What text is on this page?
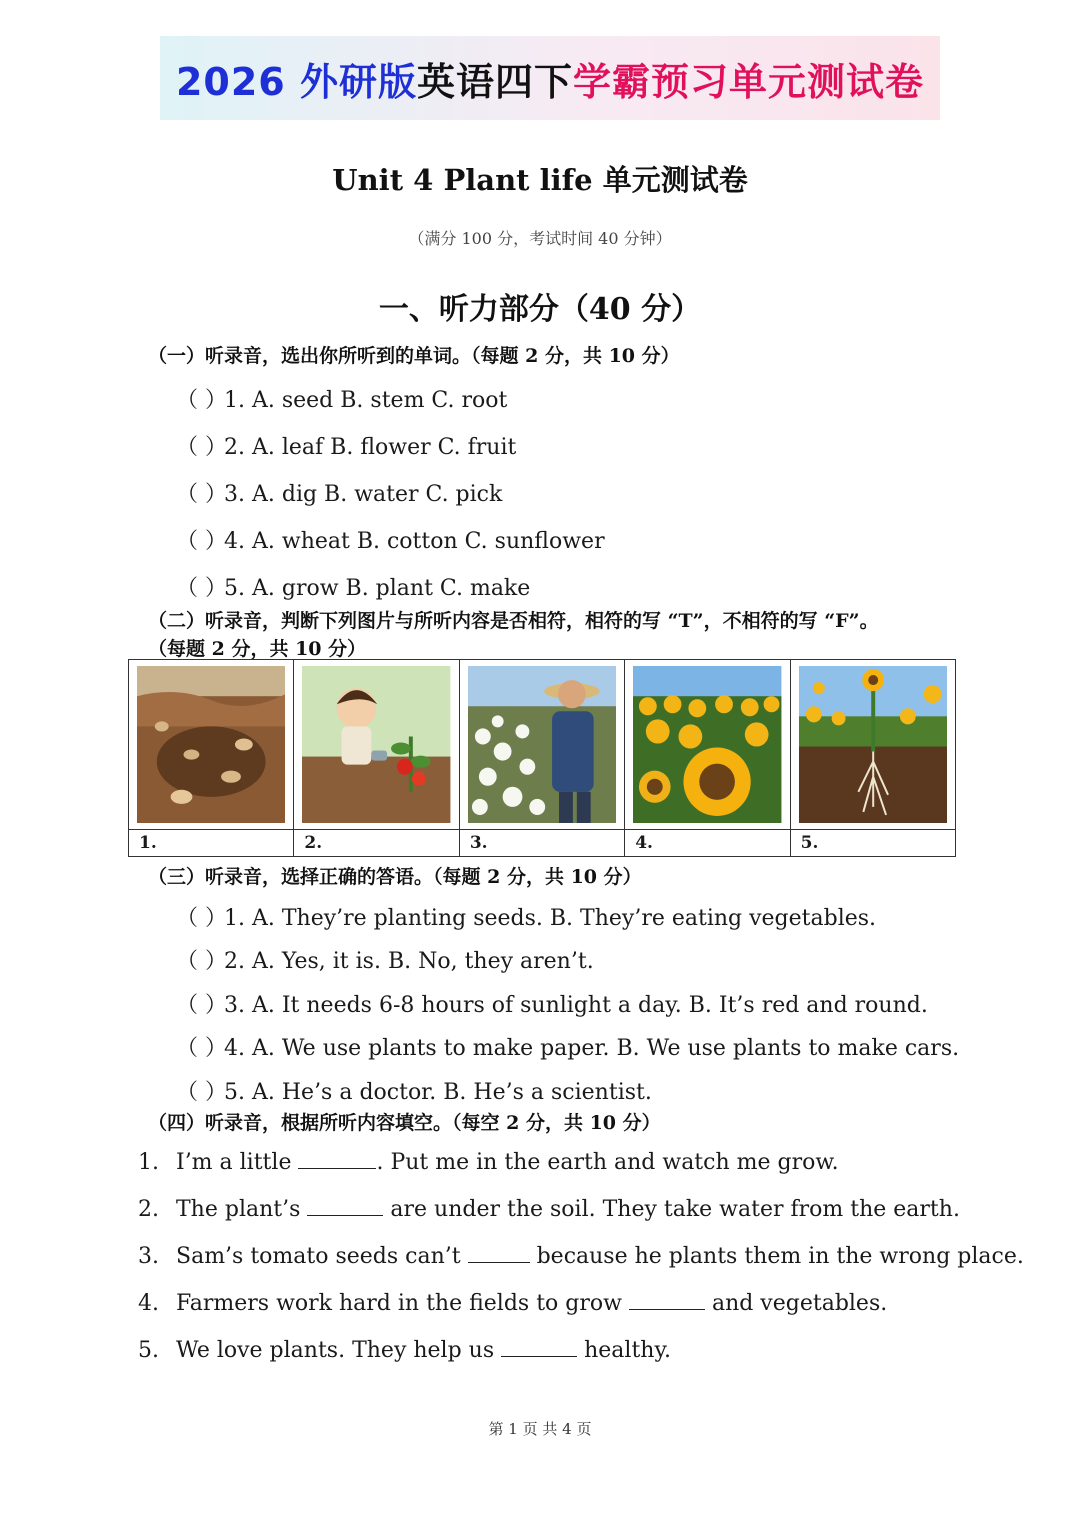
2026 外研版 英语四下 学霸预习单元测试卷
Unit 4 Plant life 单元测试卷
（满分 100 分，考试时间 40 分钟）
一、听力部分（40 分）
（一）听录音，选出你所听到的单词。（每题 2 分，共 10 分）
（ ）1. A. seed B. stem C. root
（ ）2. A. leaf B. flower C. fruit
（ ）3. A. dig B. water C. pick
（ ）4. A. wheat B. cotton C. sunflower
（ ）5. A. grow B. plant C. make
（二）听录音，判断下列图片与所听内容是否相符，相符的写 “T”，不相符的写 “F”。
（每题 2 分，共 10 分）
1.	2.	3.	4.	5.
（三）听录音，选择正确的答语。（每题 2 分，共 10 分）
（ ）1. A. They’re planting seeds. B. They’re eating vegetables.
（ ）2. A. Yes, it is. B. No, they aren’t.
（ ）3. A. It needs 6-8 hours of sunlight a day. B. It’s red and round.
（ ）4. A. We use plants to make paper. B. We use plants to make cars.
（ ）5. A. He’s a doctor. B. He’s a scientist.
（四）听录音，根据所听内容填空。（每空 2 分，共 10 分）
1. I’m a little	. Put me in the earth and watch me grow.
2. The plant’s	are under the soil. They take water from the earth.
3. Sam’s tomato seeds can’t	because he plants them in the wrong place.
4. Farmers work hard in the fields to grow	and vegetables.
5. We love plants. They help us	healthy.
第 1 页 共 4 页
